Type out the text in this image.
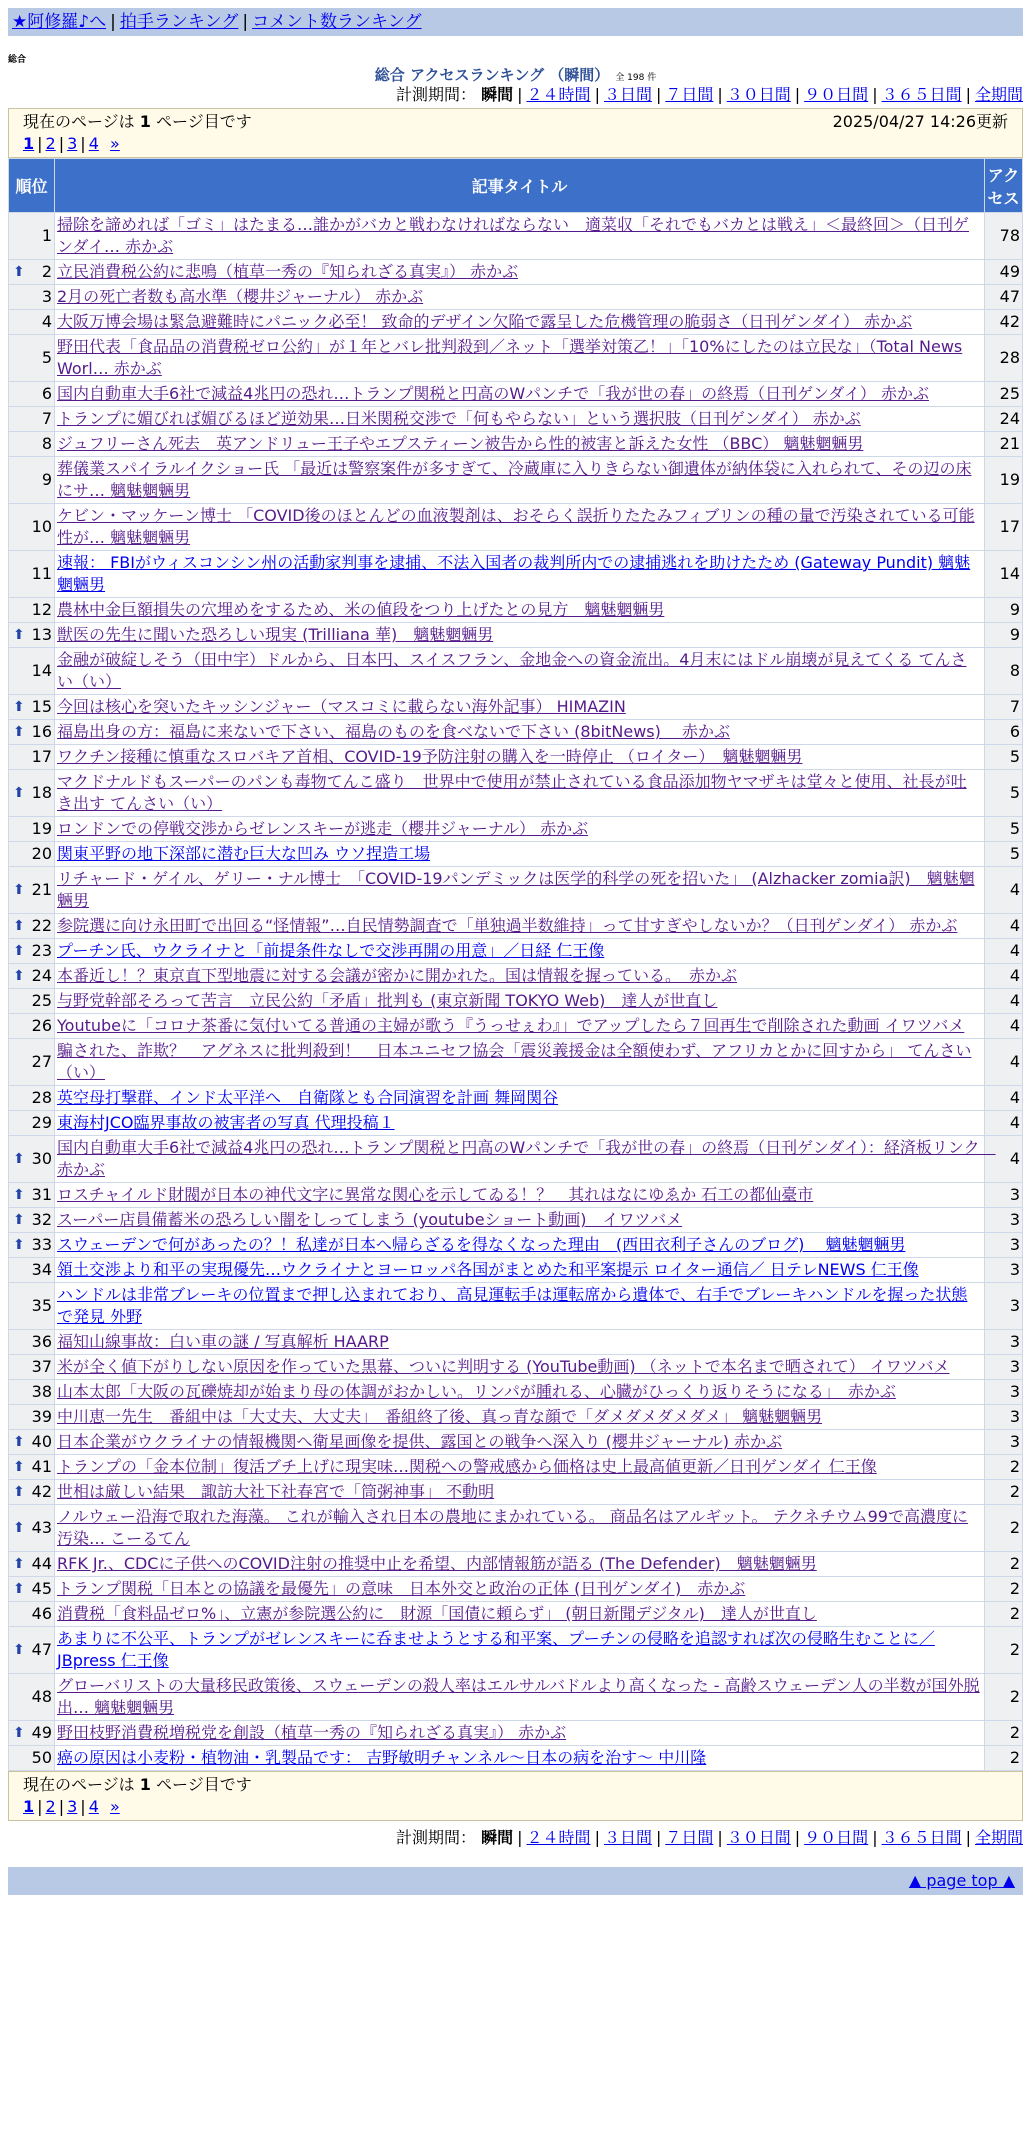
★阿修羅♪へ | 拍手ランキング | コメント数ランキング
総合
総合 アクセスランキング （瞬間） 全 198 件
計測期間： 瞬間 | ２４時間 | ３日間 | ７日間 | ３０日間 | ９０日間 | ３６５日間 | 全期間
現在のページは 1 ページ目です	2025/04/27 14:26更新
1 | 2 | 3 | 4 »
順位	記事タイトル	アクセス
1	掃除を諦めれば「ゴミ」はたまる…誰かがバカと戦わなければならない　適菜収「それでもバカとは戦え」＜最終回＞（日刊ゲンダイ… 赤かぶ	78

⬆ 2	立民消費税公約に悲鳴（植草一秀の『知られざる真実』） 赤かぶ	49
3	2月の死亡者数も高水準（櫻井ジャーナル） 赤かぶ	47
4	大阪万博会場は緊急避難時にパニック必至！ 致命的デザイン欠陥で露呈した危機管理の脆弱さ（日刊ゲンダイ） 赤かぶ	42
5	野田代表「食品品の消費税ゼロ公約」が１年とバレ批判殺到／ネット「選挙対策乙！」「10%にしたのは立民な」（Total News Worl… 赤かぶ	28
6	国内自動車大手6社で減益4兆円の恐れ…トランプ関税と円高のWパンチで「我が世の春」の終焉（日刊ゲンダイ） 赤かぶ	25
7	トランプに媚びれば媚びるほど逆効果…日米関税交渉で「何もやらない」という選択肢（日刊ゲンダイ） 赤かぶ	24
8	ジュフリーさん死去　英アンドリュー王子やエプスティーン被告から性的被害と訴えた女性 （BBC） 魑魅魍魎男	21
9	葬儀業スパイラルイクショー氏 「最近は警察案件が多すぎて、冷蔵庫に入りきらない御遺体が納体袋に入れられて、その辺の床にサ… 魑魅魍魎男	19
10	ケビン・マッケーン博士 「COVID後のほとんどの血液製剤は、おそらく誤折りたたみフィブリンの種の量で汚染されている可能性が… 魑魅魍魎男	17
11	速報： FBIがウィスコンシン州の活動家判事を逮捕、不法入国者の裁判所内での逮捕逃れを助けたため (Gateway Pundit) 魑魅魍魎男	14
12	農林中金巨額損失の穴埋めをするため、米の値段をつり上げたとの見方　魑魅魍魎男	9

⬆ 13	獣医の先生に聞いた恐ろしい現実 (Trilliana 華)　魑魅魍魎男	9
14	金融が破綻しそう（田中宇）ドルから、日本円、スイスフラン、金地金への資金流出。4月末にはドル崩壊が見えてくる てんさい（い）	8

⬆ 15	今回は核心を突いたキッシンジャー（マスコミに載らない海外記事） HIMAZIN	7

⬆ 16	福島出身の方：福島に来ないで下さい、福島のものを食べないで下さい (8bitNews)　 赤かぶ	6
17	ワクチン接種に慎重なスロバキア首相、COVID-19予防注射の購入を一時停止 （ロイター）　魑魅魍魎男	5

⬆ 18	マクドナルドもスーパーのパンも毒物てんこ盛り　世界中で使用が禁止されている食品添加物ヤマザキは堂々と使用、社長が吐き出す てんさい（い）	5
19	ロンドンでの停戦交渉からゼレンスキーが逃走（櫻井ジャーナル） 赤かぶ	5
20	関東平野の地下深部に潜む巨大な凹み ウソ捏造工場	5

⬆ 21	リチャード・ゲイル、ゲリー・ナル博士　「COVID-19パンデミックは医学的科学の死を招いた」 (Alzhacker zomia訳)　魑魅魍魎男	4

⬆ 22	参院選に向け永田町で出回る“怪情報”…自民情勢調査で「単独過半数維持」って甘すぎやしないか？（日刊ゲンダイ） 赤かぶ	4

⬆ 23	プーチン氏、ウクライナと「前提条件なしで交渉再開の用意」／日経 仁王像	4

⬆ 24	本番近し！？東京直下型地震に対する会議が密かに開かれた。国は情報を握っている。　赤かぶ	4
25	与野党幹部そろって苦言　立民公約「矛盾」批判も (東京新聞 TOKYO Web)　達人が世直し	4
26	Youtubeに「コロナ茶番に気付いてる普通の主婦が歌う『うっせぇわ』」でアップしたら７回再生で削除された動画 イワツバメ	4
27	騙された、詐欺？　アグネスに批判殺到！　日本ユニセフ協会「震災義援金は全額使わず、アフリカとかに回すから」 てんさい（い）	4
28	英空母打撃群、インド太平洋へ　自衛隊とも合同演習を計画 舞岡関谷	4
29	東海村JCO臨界事故の被害者の写真 代理投稿１	4

⬆ 30	国内自動車大手6社で減益4兆円の恐れ…トランプ関税と円高のWパンチで「我が世の春」の終焉（日刊ゲンダイ）：経済板リンク　赤かぶ	4

⬆ 31	ロスチャイルド財閥が日本の神代文字に異常な関心を示してゐる！？　其れはなにゆゑか 石工の都仙臺市	3

⬆ 32	スーパー店員備蓄米の恐ろしい闇をしってしまう (youtubeショート動画)　イワツバメ	3

⬆ 33	スウェーデンで何があったの？！私達が日本へ帰らざるを得なくなった理由　(西田衣利子さんのブログ)　 魑魅魍魎男	3
34	領土交渉より和平の実現優先…ウクライナとヨーロッパ各国がまとめた和平案提示 ロイター通信／ 日テレNEWS 仁王像	3
35	ハンドルは非常ブレーキの位置まで押し込まれており、高見運転手は運転席から遺体で、右手でブレーキハンドルを握った状態で発見 外野	3
36	福知山線事故：白い車の謎 / 写真解析 HAARP	3
37	米が全く値下がりしない原因を作っていた黒幕、ついに判明する (YouTube動画) （ネットで本名まで晒されて） イワツバメ	3
38	山本太郎「大阪の瓦礫焼却が始まり母の体調がおかしい。リンパが腫れる、心臓がひっくり返りそうになる」　赤かぶ	3
39	中川恵一先生　番組中は「大丈夫、大丈夫」　番組終了後、真っ青な顔で「ダメダメダメダメ」 魑魅魍魎男	3

⬆ 40	日本企業がウクライナの情報機関へ衛星画像を提供、露国との戦争へ深入り (櫻井ジャーナル) 赤かぶ	3

⬆ 41	トランプの「金本位制」復活ブチ上げに現実味…関税への警戒感から価格は史上最高値更新／日刊ゲンダイ 仁王像	2

⬆ 42	世相は厳しい結果　諏訪大社下社春宮で「筒粥神事」 不動明	2

⬆ 43	ノルウェー沿海で取れた海藻。 これが輸入され日本の農地にまかれている。 商品名はアルギット。 テクネチウム99で高濃度に汚染… こーるてん	2

⬆ 44	RFK Jr.、CDCに子供へのCOVID注射の推奨中止を希望、内部情報筋が語る (The Defender)　魑魅魍魎男	2

⬆ 45	トランプ関税「日本との協議を最優先」の意味　日本外交と政治の正体 (日刊ゲンダイ)　赤かぶ	2
46	消費税「食料品ゼロ%」、立憲が参院選公約に　財源「国債に頼らず」 (朝日新聞デジタル)　達人が世直し	2

⬆ 47	あまりに不公平、トランプがゼレンスキーに呑ませようとする和平案、プーチンの侵略を追認すれば次の侵略生むことに／JBpress 仁王像	2
48	グローバリストの大量移民政策後、スウェーデンの殺人率はエルサルバドルより高くなった - 高齢スウェーデン人の半数が国外脱出… 魑魅魍魎男	2

⬆ 49	野田枝野消費税増税党を創設（植草一秀の『知られざる真実』） 赤かぶ	2
50	癌の原因は小麦粉・植物油・乳製品です： 吉野敏明チャンネル〜日本の病を治す〜 中川隆	2
現在のページは 1 ページ目です
1 | 2 | 3 | 4 »
計測期間： 瞬間 | ２４時間 | ３日間 | ７日間 | ３０日間 | ９０日間 | ３６５日間 | 全期間
▲ page top ▲
